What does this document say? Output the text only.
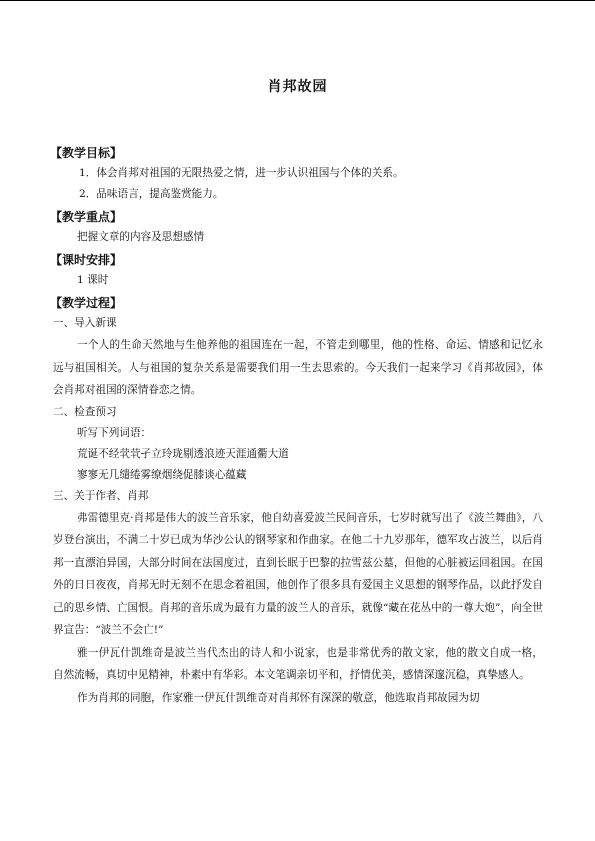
肖邦故园
【教学目标】
1．体会肖邦对祖国的无限热爱之情，进一步认识祖国与个体的关系。
2．品味语言，提高鉴赏能力。
【教学重点】
把握文章的内容及思想感情
【课时安排】
1 课时
【教学过程】
一、导入新课

一个人的生命天然地与生他养他的祖国连在一起，不管走到哪里，他的性格、命运、情感和记忆永远与祖国相关。人与祖国的复杂关系是需要我们用一生去思索的。今天我们一起来学习《肖邦故园》，体会肖邦对祖国的深情眷恋之情。

二、检查预习
听写下列词语：
荒诞不经茕茕孑立玲珑剔透浪迹天涯通衢大道
寥寥无几缱绻雾缭烟绕促膝谈心蕴藏
三、关于作者、肖邦

弗雷德里克·肖邦是伟大的波兰音乐家，他自幼喜爱波兰民间音乐，七岁时就写出了《波兰舞曲》，八岁登台演出，不满二十岁已成为华沙公认的钢琴家和作曲家。在他二十九岁那年，德军攻占波兰，以后肖邦一直漂泊异国，大部分时间在法国度过，直到长眠于巴黎的拉雪兹公墓，但他的心脏被运回祖国。在国外的日日夜夜，肖邦无时无刻不在思念着祖国，他创作了很多具有爱国主义思想的钢琴作品，以此抒发自己的思乡情、亡国恨。肖邦的音乐成为最有力量的波兰人的音乐，就像“藏在花丛中的一尊大炮”，向全世界宣告：“波兰不会亡!”

雅一伊瓦什凯维奇是波兰当代杰出的诗人和小说家，也是非常优秀的散文家，他的散文自成一格，自然流畅，真切中见精神，朴素中有华彩。本文笔调亲切平和，抒情优美，感情深邃沉稳，真挚感人。

作为肖邦的同胞，作家雅一伊瓦什凯维奇对肖邦怀有深深的敬意，他选取肖邦故园为切
